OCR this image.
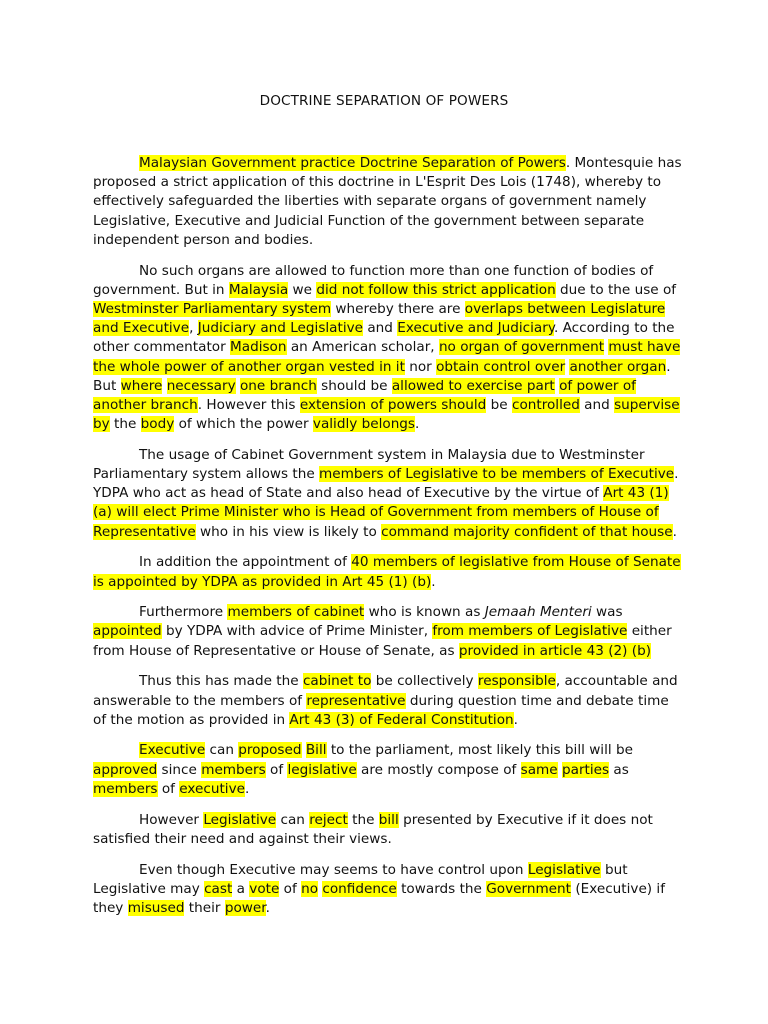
DOCTRINE SEPARATION OF POWERS

Malaysian Government practice Doctrine Separation of Powers. Montesquie has proposed a strict application of this doctrine in L'Esprit Des Lois (1748), whereby to effectively safeguarded the liberties with separate organs of government namely Legislative, Executive and Judicial Function of the government between separate independent person and bodies.

No such organs are allowed to function more than one function of bodies of government. But in Malaysia we did not follow this strict application due to the use of Westminster Parliamentary system whereby there are overlaps between Legislature and Executive, Judiciary and Legislative and Executive and Judiciary. According to the other commentator Madison an American scholar, no organ of government must have the whole power of another organ vested in it nor obtain control over another organ. But where necessary one branch should be allowed to exercise part of power of another branch. However this extension of powers should be controlled and supervise by the body of which the power validly belongs.

The usage of Cabinet Government system in Malaysia due to Westminster Parliamentary system allows the members of Legislative to be members of Executive. YDPA who act as head of State and also head of Executive by the virtue of Art 43 (1) (a) will elect Prime Minister who is Head of Government from members of House of Representative who in his view is likely to command majority confident of that house.

In addition the appointment of 40 members of legislative from House of Senate is appointed by YDPA as provided in Art 45 (1) (b).

Furthermore members of cabinet who is known as Jemaah Menteri was appointed by YDPA with advice of Prime Minister, from members of Legislative either from House of Representative or House of Senate, as provided in article 43 (2) (b)

Thus this has made the cabinet to be collectively responsible, accountable and answerable to the members of representative during question time and debate time of the motion as provided in Art 43 (3) of Federal Constitution.

Executive can proposed Bill to the parliament, most likely this bill will be approved since members of legislative are mostly compose of same parties as members of executive.

However Legislative can reject the bill presented by Executive if it does not satisfied their need and against their views.

Even though Executive may seems to have control upon Legislative but Legislative may cast a vote of no confidence towards the Government (Executive) if they misused their power.
